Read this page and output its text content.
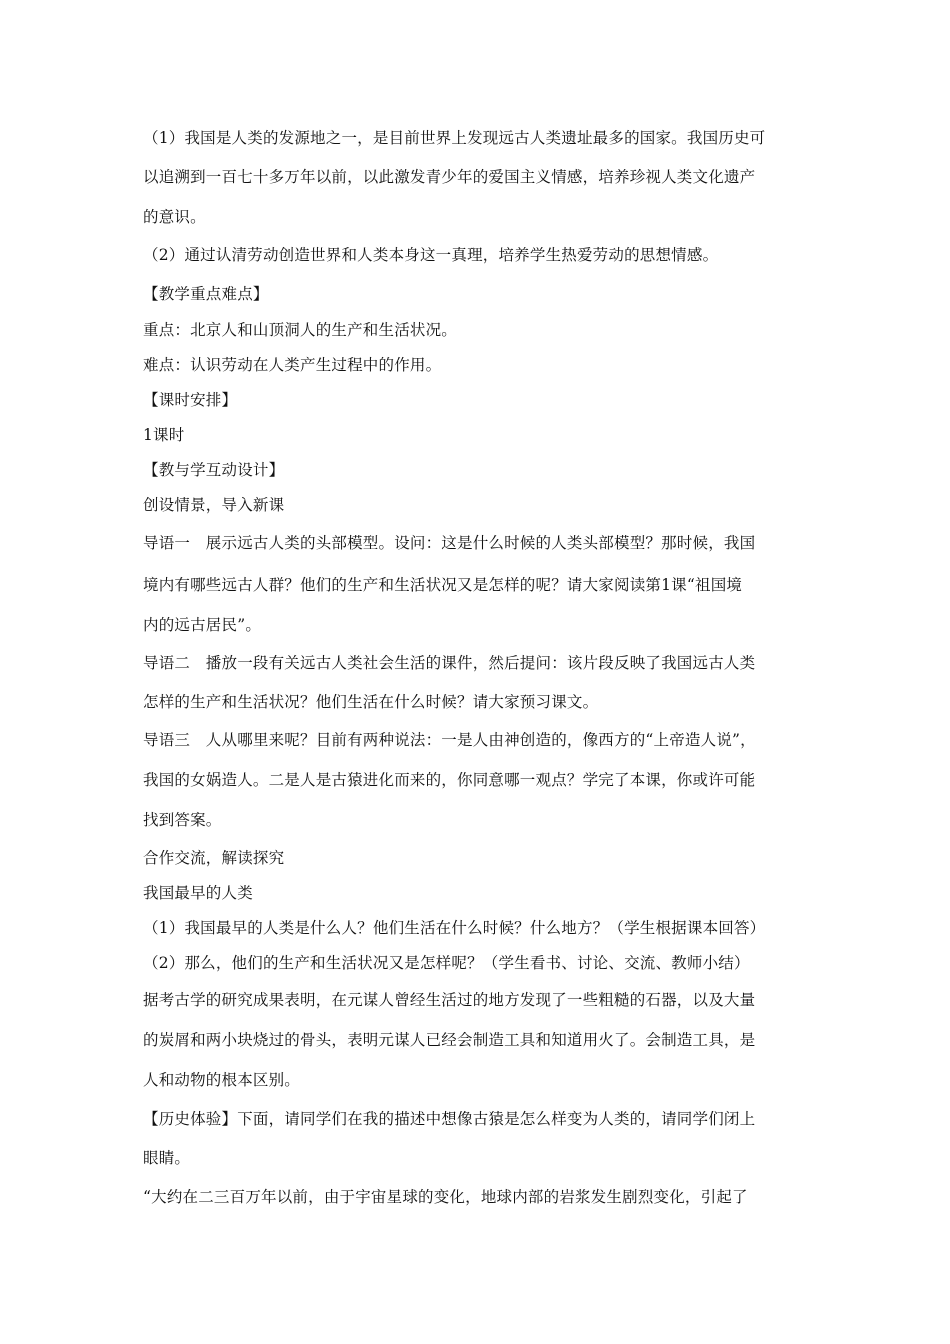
（1）我国是人类的发源地之一，是目前世界上发现远古人类遗址最多的国家。我国历史可
以追溯到一百七十多万年以前，以此激发青少年的爱国主义情感，培养珍视人类文化遗产
的意识。
（2）通过认清劳动创造世界和人类本身这一真理，培养学生热爱劳动的思想情感。
【教学重点难点】
重点：北京人和山顶洞人的生产和生活状况。
难点：认识劳动在人类产生过程中的作用。
【课时安排】
1课时
【教与学互动设计】
创设情景，导入新课
导语一　展示远古人类的头部模型。设问：这是什么时候的人类头部模型？那时候，我国
境内有哪些远古人群？他们的生产和生活状况又是怎样的呢？请大家阅读第1课“祖国境
内的远古居民”。
导语二　播放一段有关远古人类社会生活的课件，然后提问：该片段反映了我国远古人类
怎样的生产和生活状况？他们生活在什么时候？请大家预习课文。
导语三　人从哪里来呢？目前有两种说法：一是人由神创造的，像西方的“上帝造人说”，
我国的女娲造人。二是人是古猿进化而来的，你同意哪一观点？学完了本课，你或许可能
找到答案。
合作交流，解读探究
我国最早的人类
（1）我国最早的人类是什么人？他们生活在什么时候？什么地方？（学生根据课本回答）
（2）那么，他们的生产和生活状况又是怎样呢？（学生看书、讨论、交流、教师小结）
据考古学的研究成果表明，在元谋人曾经生活过的地方发现了一些粗糙的石器，以及大量
的炭屑和两小块烧过的骨头，表明元谋人已经会制造工具和知道用火了。会制造工具，是
人和动物的根本区别。
【历史体验】下面，请同学们在我的描述中想像古猿是怎么样变为人类的，请同学们闭上
眼睛。
“大约在二三百万年以前，由于宇宙星球的变化，地球内部的岩浆发生剧烈变化，引起了
